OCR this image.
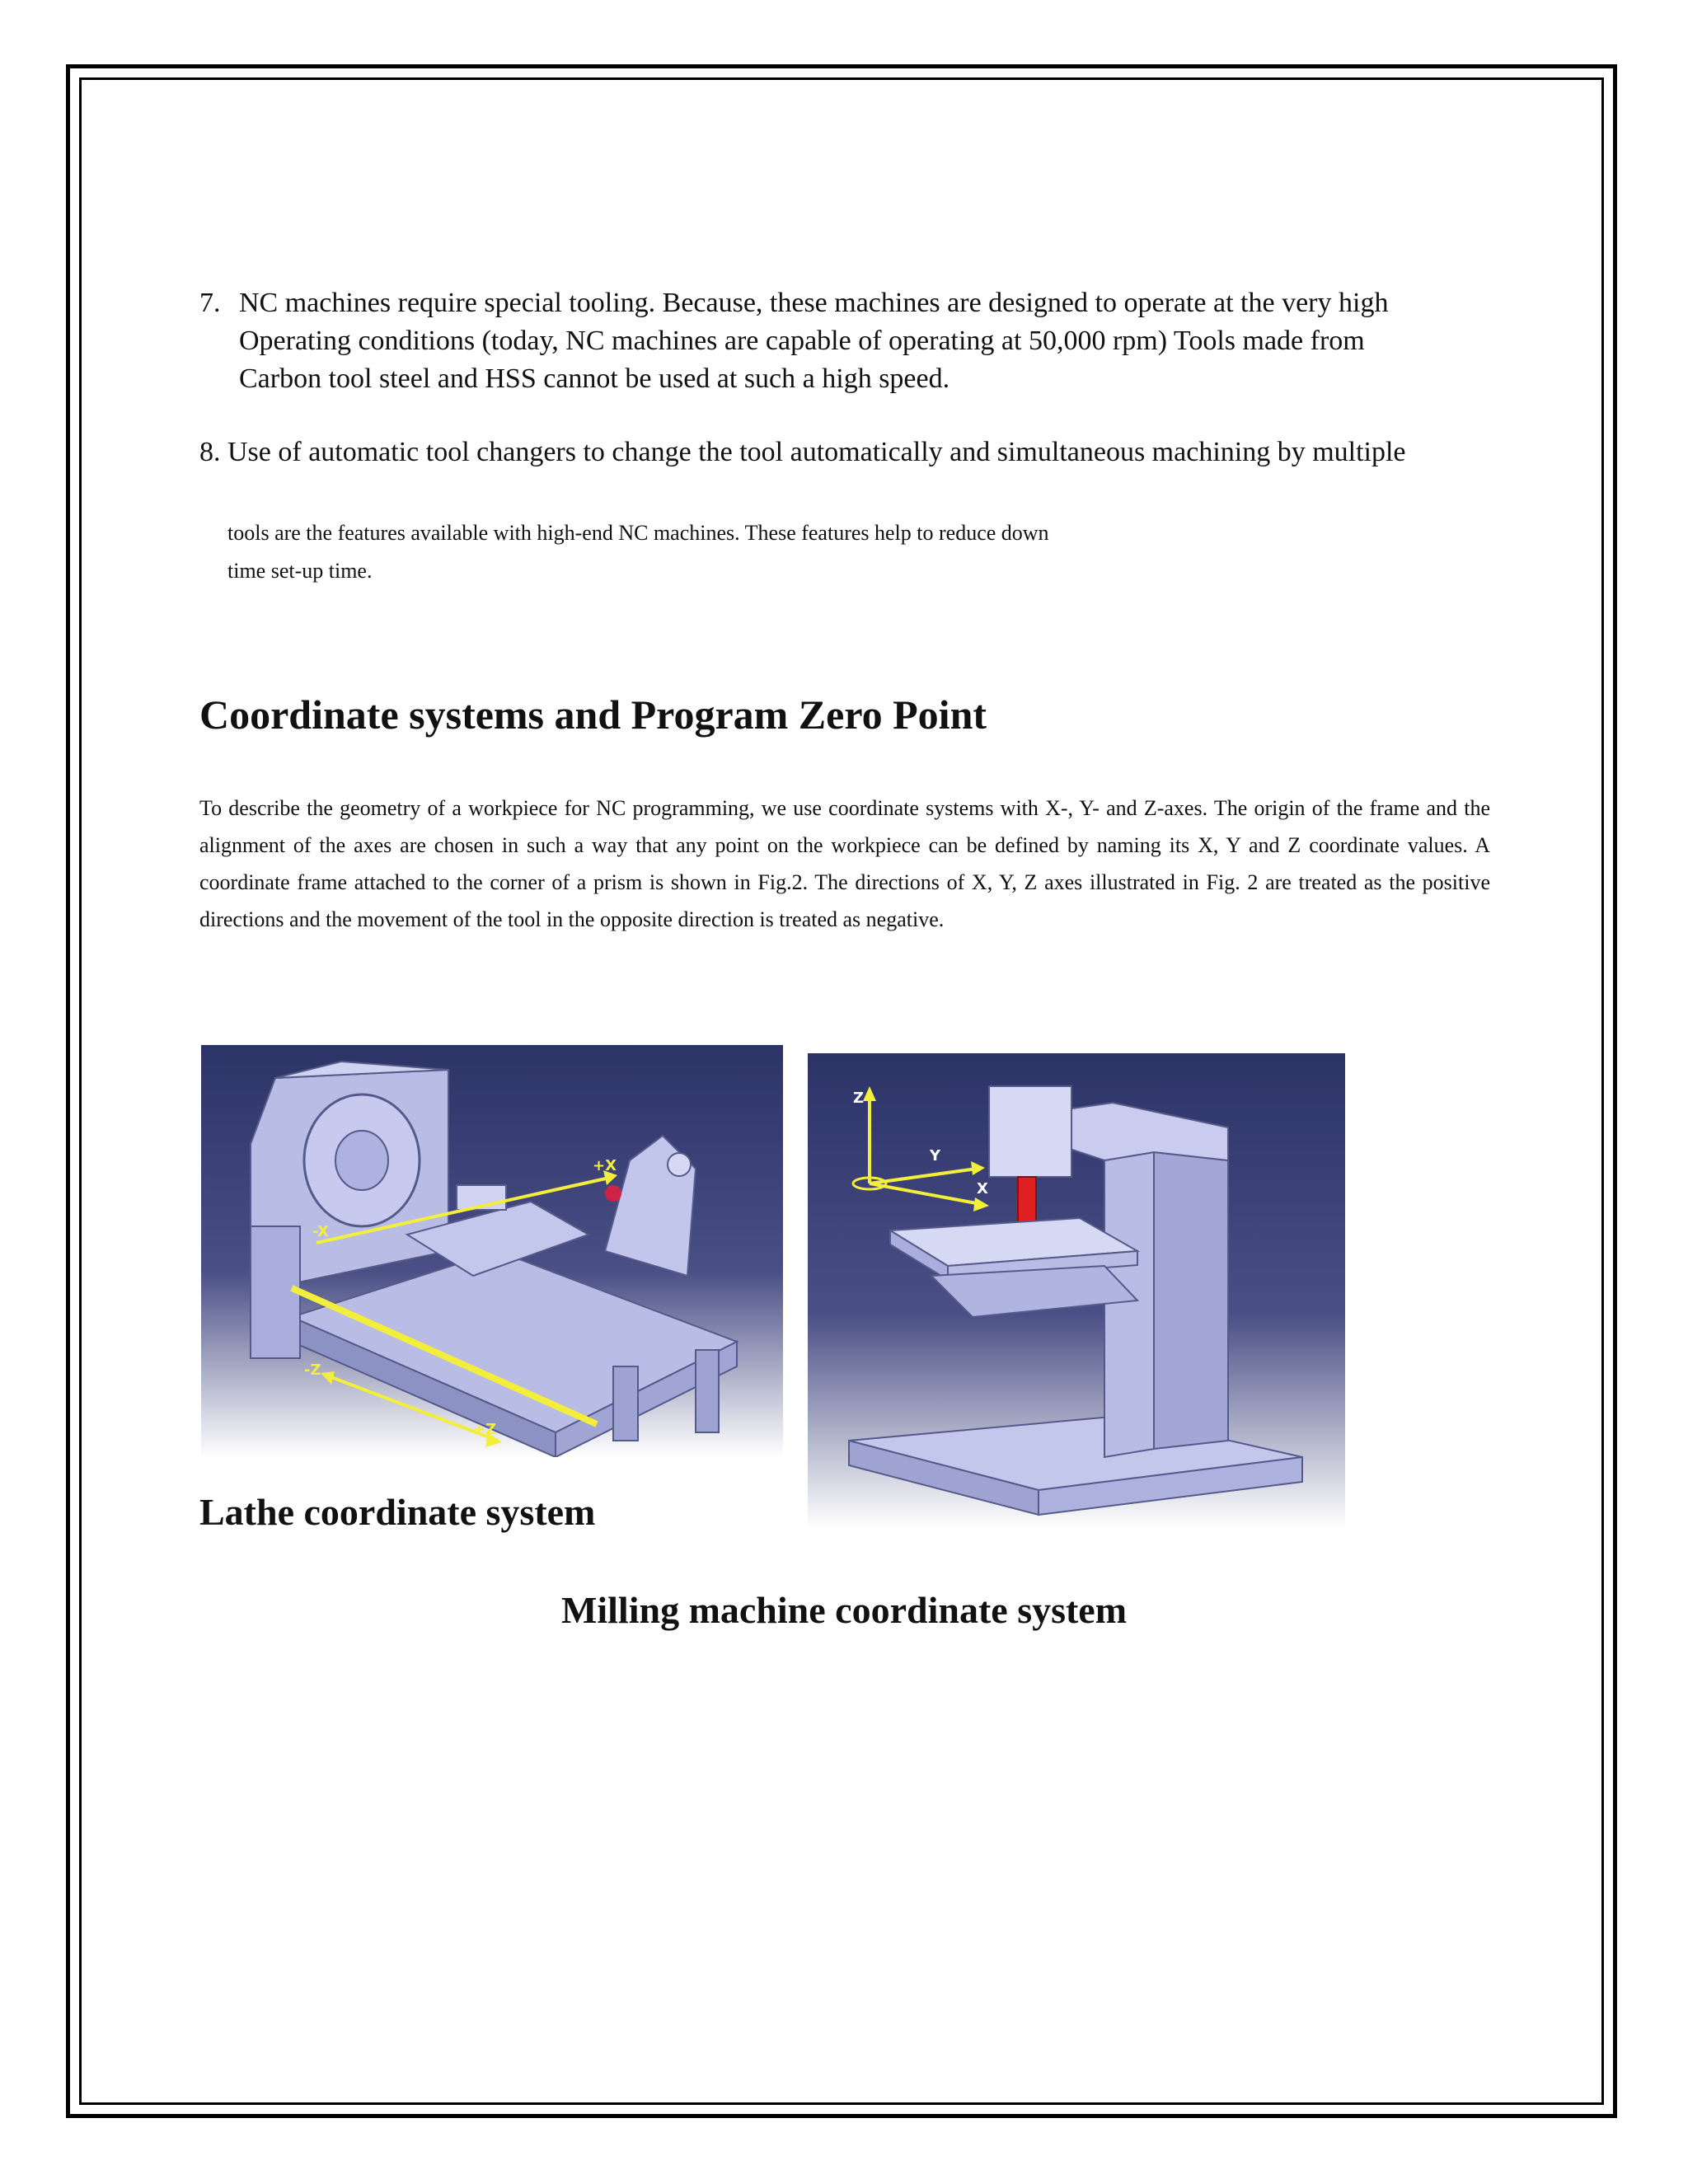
7. NC machines require special tooling. Because, these machines are designed to operate at the very high
Operating conditions (today, NC machines are capable of operating at 50,000 rpm) Tools made from
Carbon tool steel and HSS cannot be used at such a high speed.
8. Use of automatic tool changers to change the tool automatically and simultaneous machining by multiple
tools are the features available with high-end NC machines. These features help to reduce down
time set-up time.
Coordinate systems and Program Zero Point
To describe the geometry of a workpiece for NC programming, we use coordinate systems with X-, Y- and Z-axes. The origin of the frame and the alignment of the axes are chosen in such a way that any point on the workpiece can be defined by naming its X, Y and Z coordinate values. A coordinate frame attached to the corner of a prism is shown in Fig.2. The directions of X, Y, Z axes illustrated in Fig. 2 are treated as the positive directions and the movement of the tool in the opposite direction is treated as negative.
+X
-X
-Z
+Z
Z
Y
X

Lathe coordinate system

Milling machine coordinate system
